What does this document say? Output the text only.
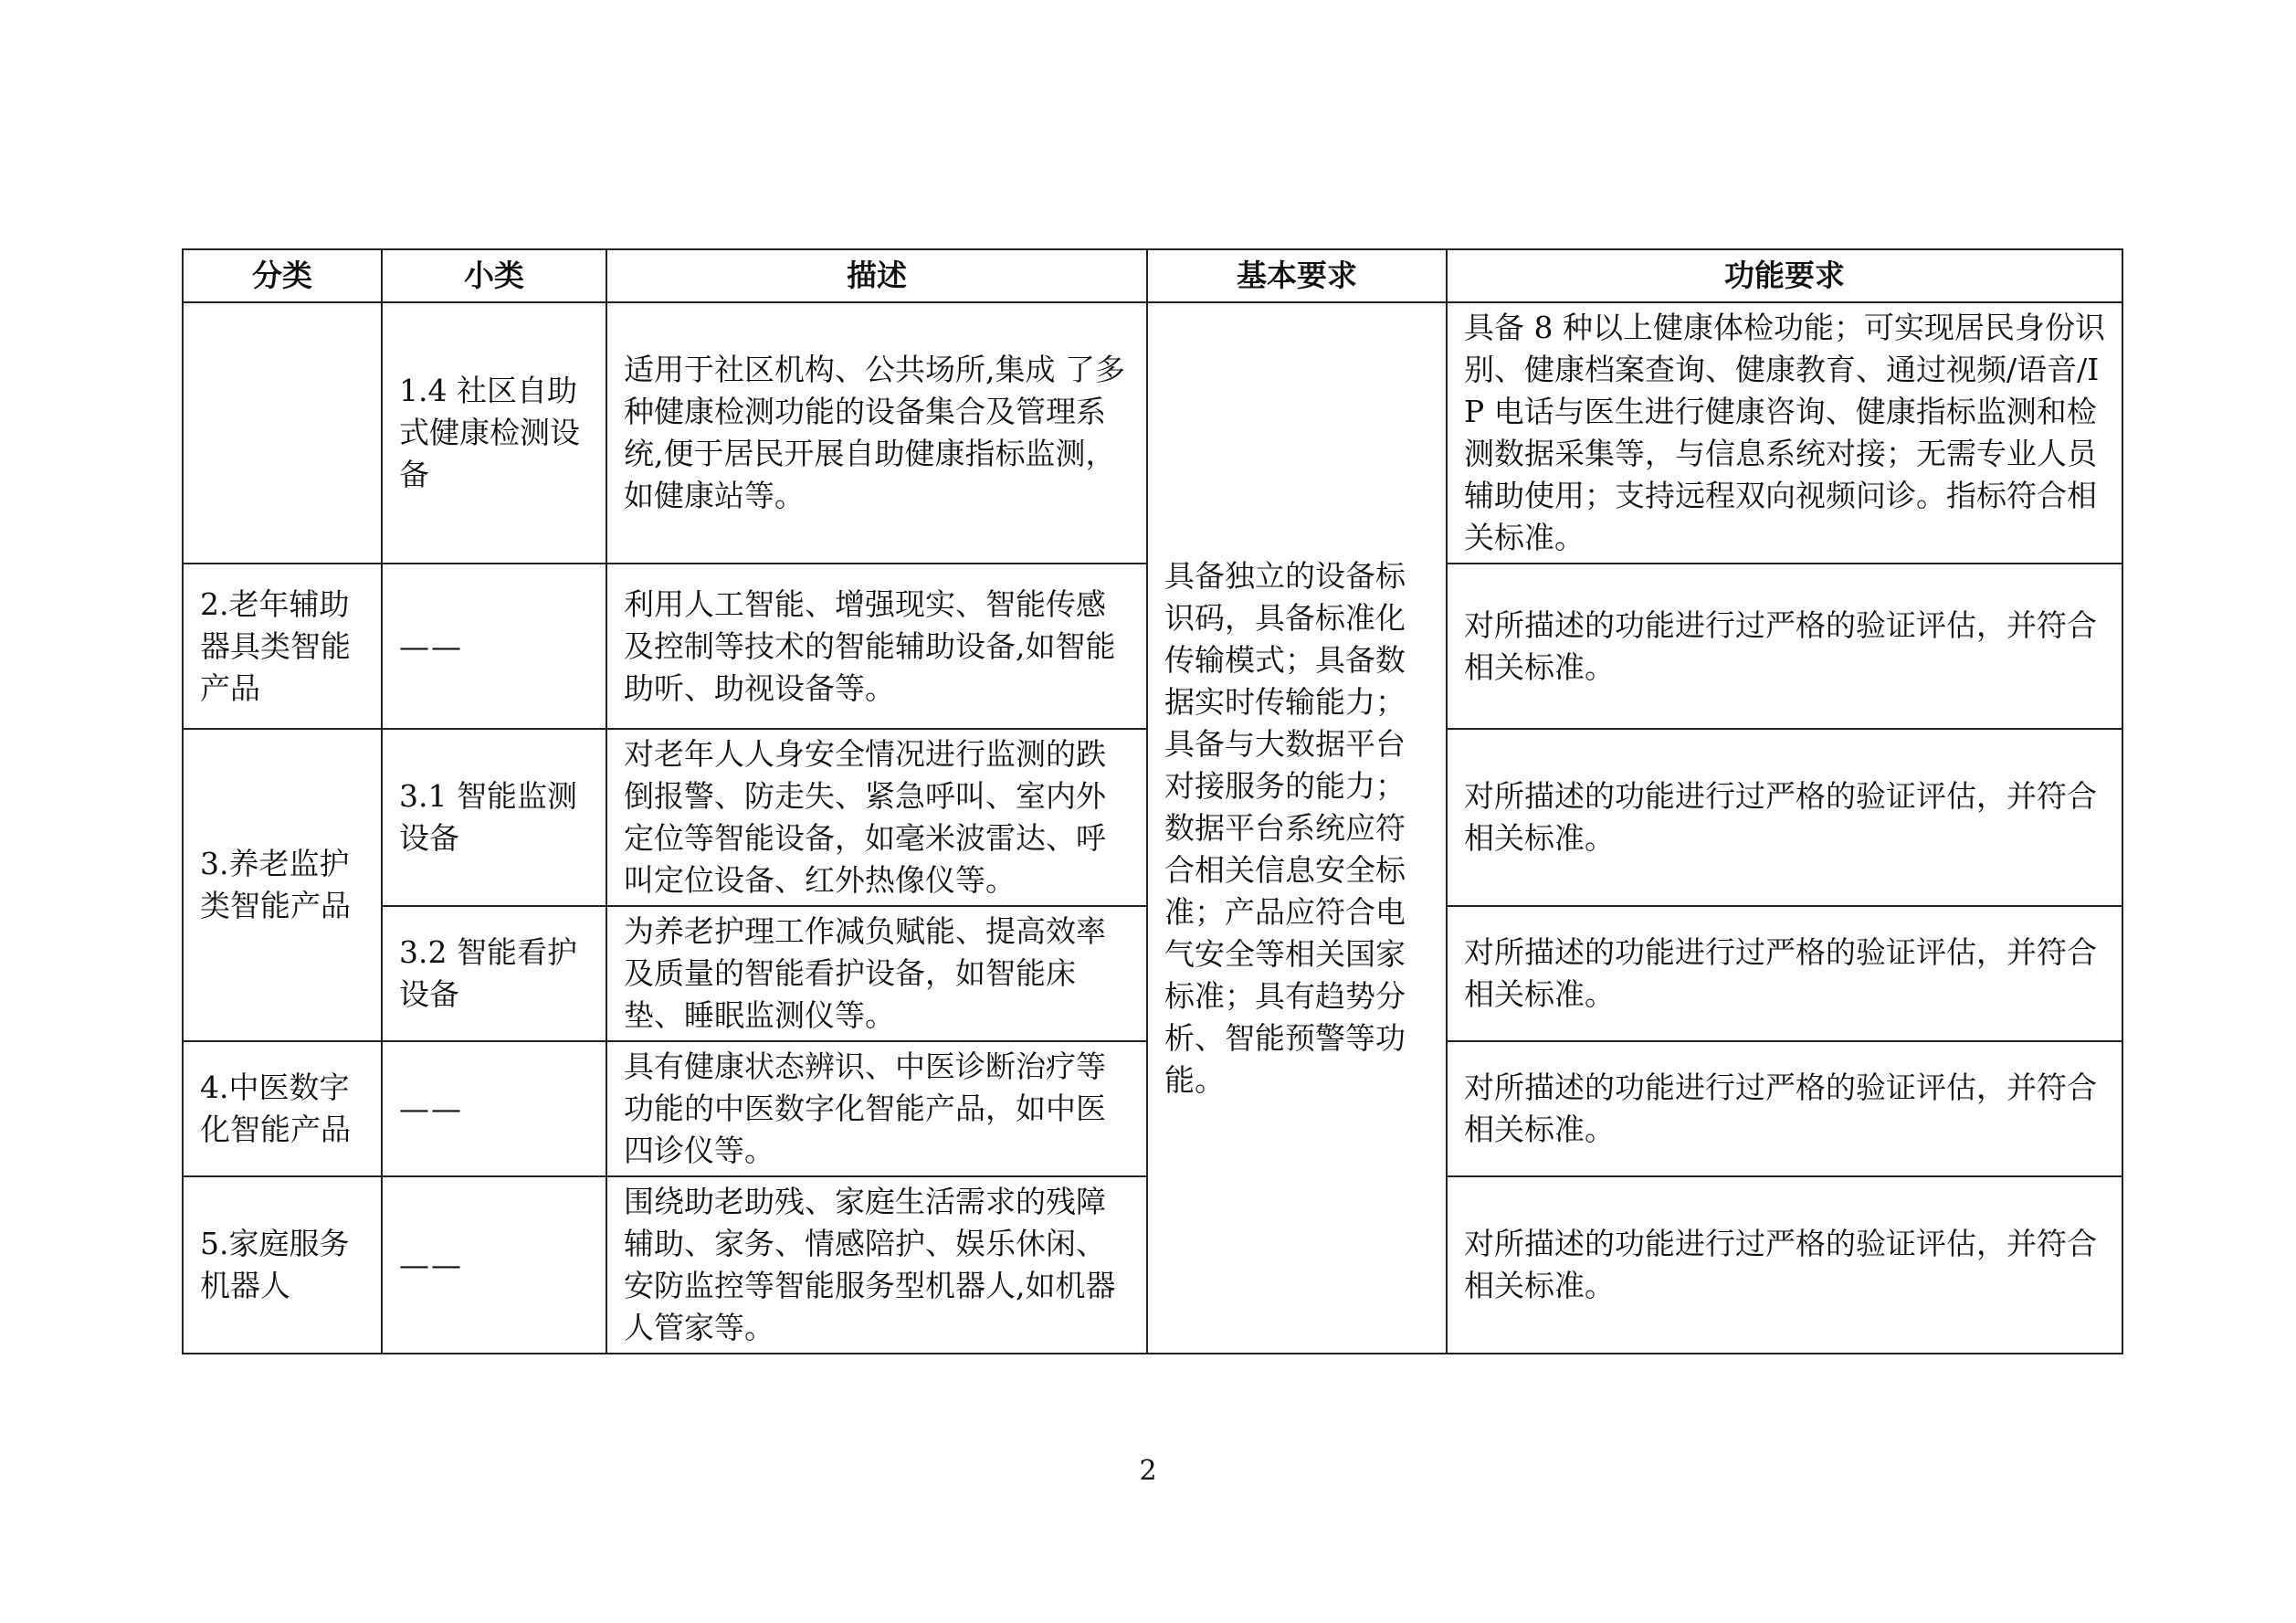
分类	小类	描述	基本要求	功能要求
	1.4 社区自助式健康检测设备	适用于社区机构、公共场所,集成 了多种健康检测功能的设备集合及管理系统,便于居民开展自助健康指标监测，如健康站等。	具备独立的设备标识码，具备标准化传输模式；具备数据实时传输能力；具备与大数据平台对接服务的能力；数据平台系统应符合相关信息安全标准；产品应符合电气安全等相关国家标准；具有趋势分析、智能预警等功能。	具备 8 种以上健康体检功能；可实现居民身份识别、健康档案查询、健康教育、通过视频/语音/IP 电话与医生进行健康咨询、健康指标监测和检测数据采集等，与信息系统对接；无需专业人员辅助使用；支持远程双向视频问诊。指标符合相关标准。
2.老年辅助器具类智能产品	——	利用人工智能、增强现实、智能传感及控制等技术的智能辅助设备,如智能助听、助视设备等。		对所描述的功能进行过严格的验证评估，并符合相关标准。
3.养老监护类智能产品	3.1 智能监测设备	对老年人人身安全情况进行监测的跌倒报警、防走失、紧急呼叫、室内外定位等智能设备，如毫米波雷达、呼叫定位设备、红外热像仪等。		对所描述的功能进行过严格的验证评估，并符合相关标准。
	3.2 智能看护设备	为养老护理工作减负赋能、提高效率及质量的智能看护设备，如智能床垫、睡眠监测仪等。		对所描述的功能进行过严格的验证评估，并符合相关标准。
4.中医数字化智能产品	——	具有健康状态辨识、中医诊断治疗等功能的中医数字化智能产品，如中医四诊仪等。		对所描述的功能进行过严格的验证评估，并符合相关标准。
5.家庭服务机器人	——	围绕助老助残、家庭生活需求的残障辅助、家务、情感陪护、娱乐休闲、安防监控等智能服务型机器人,如机器人管家等。		对所描述的功能进行过严格的验证评估，并符合相关标准。
2
